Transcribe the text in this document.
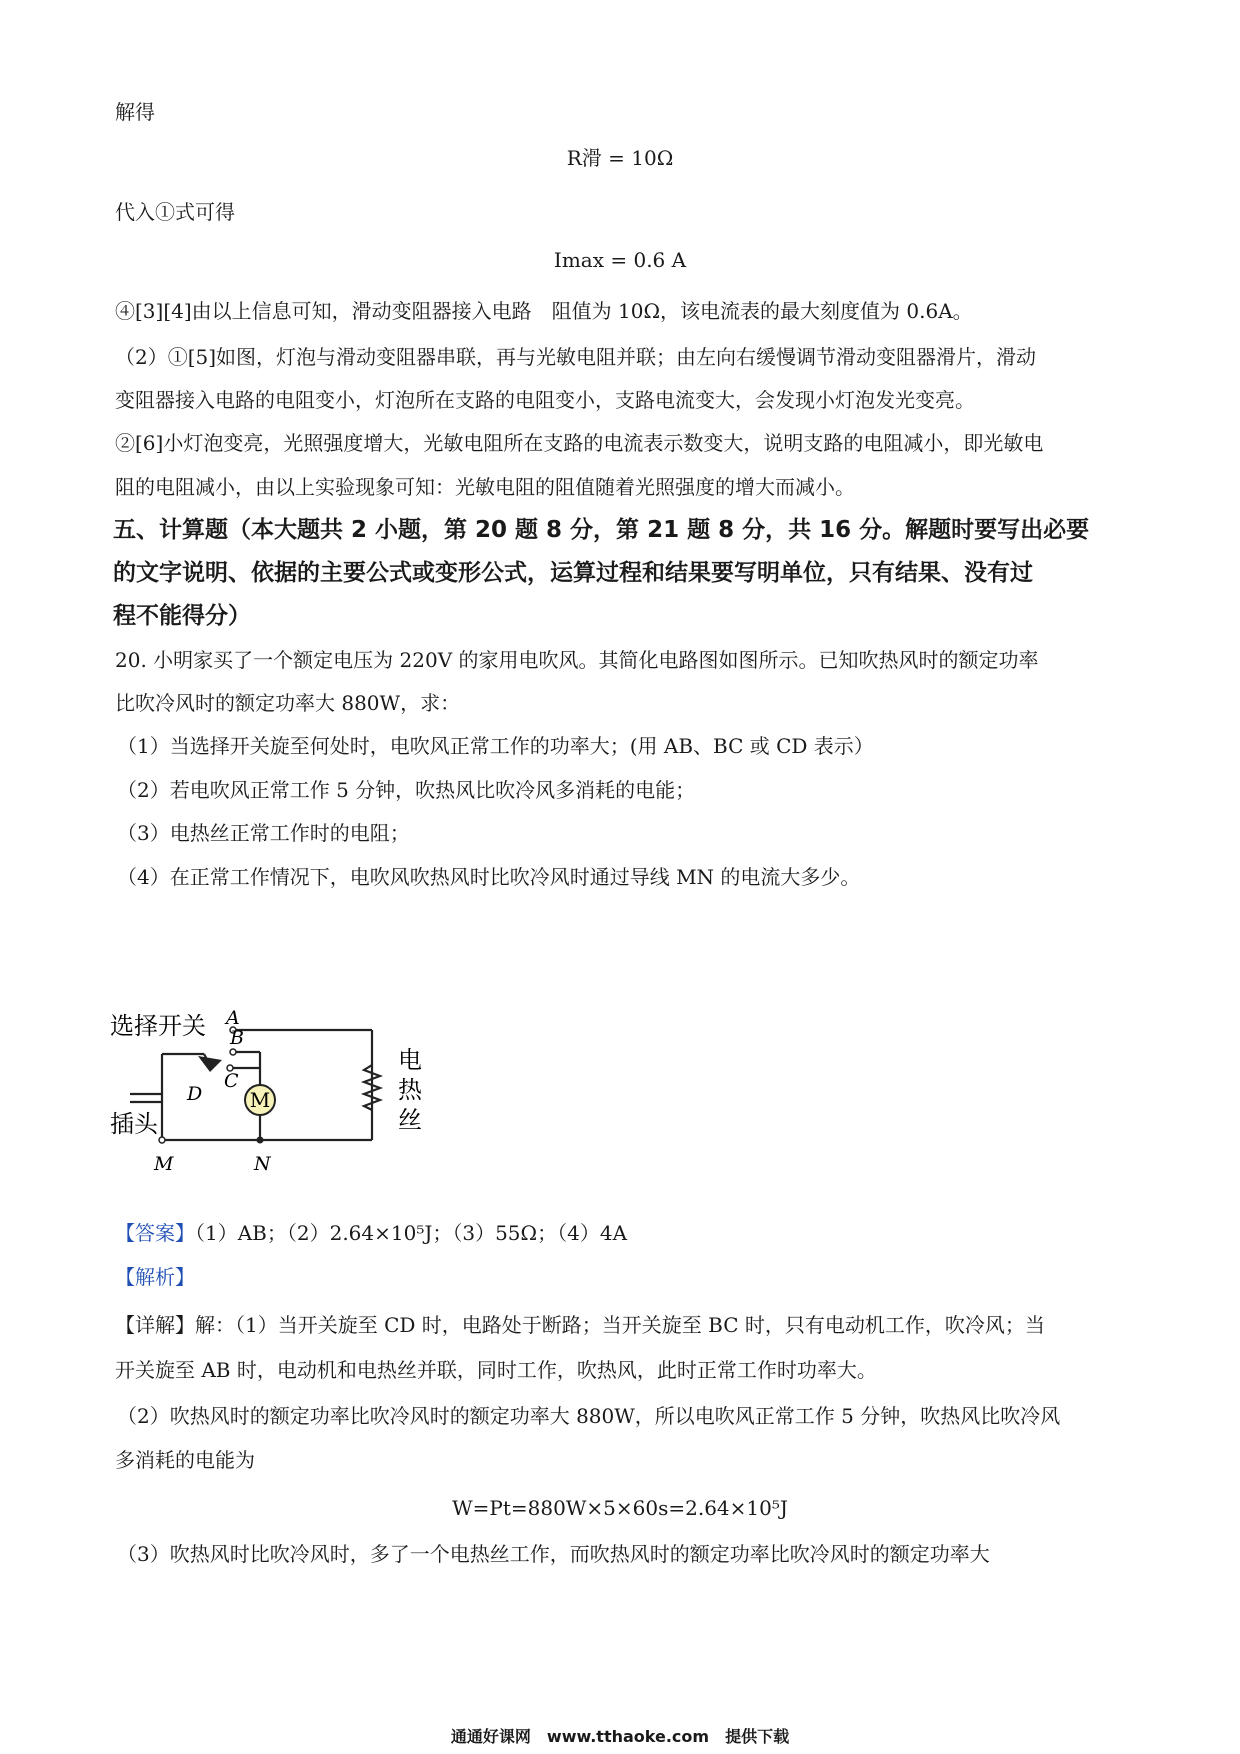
解得
R滑 = 10Ω
代入①式可得
Imax = 0.6 A
④[3][4]由以上信息可知，滑动变阻器接入电路　阻值为 10Ω，该电流表的最大刻度值为 0.6A。
（2）①[5]如图，灯泡与滑动变阻器串联，再与光敏电阻并联；由左向右缓慢调节滑动变阻器滑片，滑动
变阻器接入电路的电阻变小，灯泡所在支路的电阻变小，支路电流变大，会发现小灯泡发光变亮。
②[6]小灯泡变亮，光照强度增大，光敏电阻所在支路的电流表示数变大，说明支路的电阻减小，即光敏电
阻的电阻减小，由以上实验现象可知：光敏电阻的阻值随着光照强度的增大而减小。
五、计算题（本大题共 2 小题，第 20 题 8 分，第 21 题 8 分，共 16 分。解题时要写出必要
的文字说明、依据的主要公式或变形公式，运算过程和结果要写明单位，只有结果、没有过
程不能得分）
20. 小明家买了一个额定电压为 220V 的家用电吹风。其简化电路图如图所示。已知吹热风时的额定功率
比吹冷风时的额定功率大 880W，求：
（1）当选择开关旋至何处时，电吹风正常工作的功率大；(用 AB、BC 或 CD 表示）
（2）若电吹风正常工作 5 分钟，吹热风比吹冷风多消耗的电能；
（3）电热丝正常工作时的电阻；
（4）在正常工作情况下，电吹风吹热风时比吹冷风时通过导线 MN 的电流大多少。
M
选择开关 A
B
C
D
插头
M	N
电
热
丝
【答案】（1）AB；（2）2.64×10⁵J；（3）55Ω；（4）4A
【解析】
【详解】解：（1）当开关旋至 CD 时，电路处于断路；当开关旋至 BC 时，只有电动机工作，吹冷风；当
开关旋至 AB 时，电动机和电热丝并联，同时工作，吹热风，此时正常工作时功率大。
（2）吹热风时的额定功率比吹冷风时的额定功率大 880W，所以电吹风正常工作 5 分钟，吹热风比吹冷风
多消耗的电能为
W=Pt=880W×5×60s=2.64×10⁵J
（3）吹热风时比吹冷风时，多了一个电热丝工作，而吹热风时的额定功率比吹冷风时的额定功率大
通通好课网　www.tthaoke.com　提供下载
